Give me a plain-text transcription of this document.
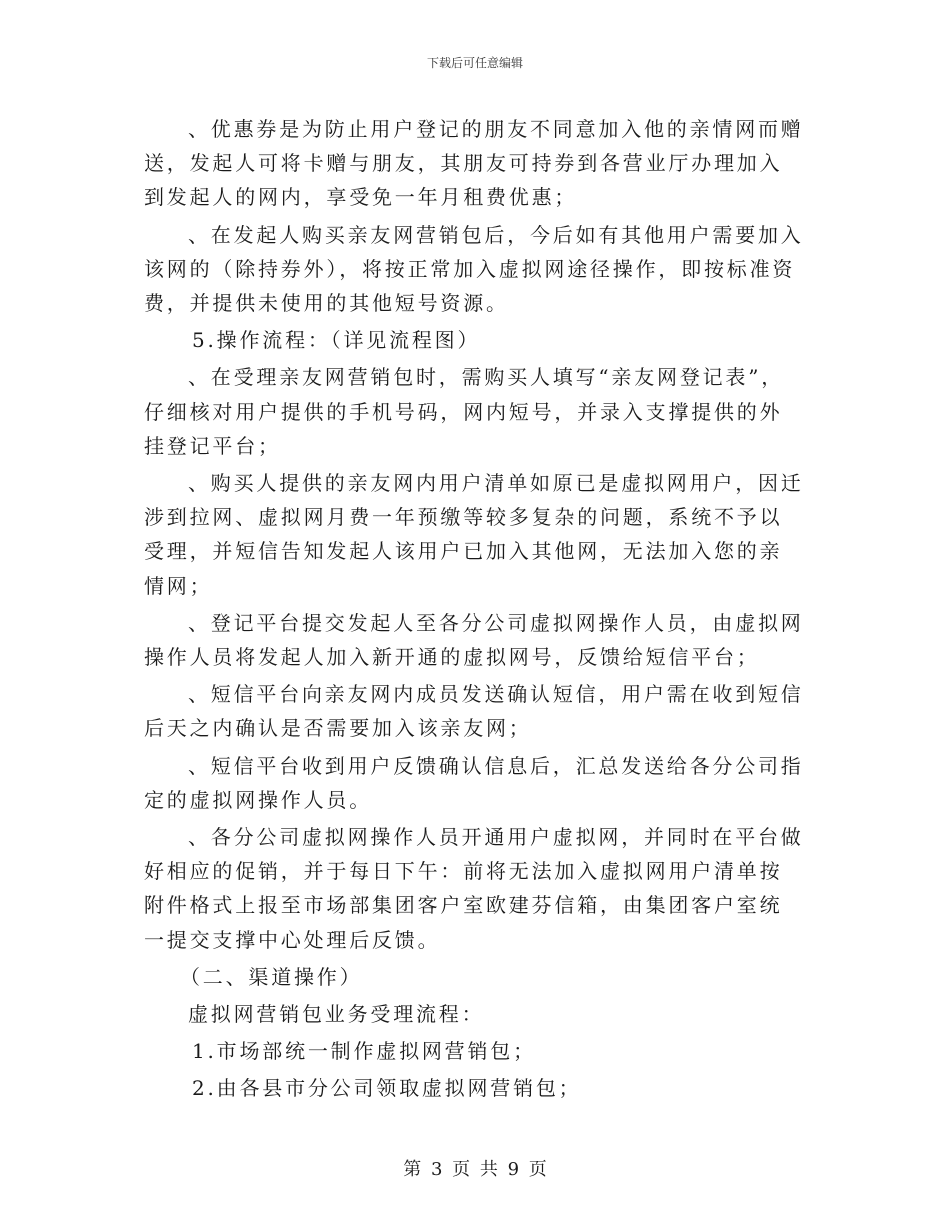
下载后可任意编辑

、优惠券是为防止用户登记的朋友不同意加入他的亲情网而赠送，发起人可将卡赠与朋友，其朋友可持券到各营业厅办理加入到发起人的网内，享受免一年月租费优惠；

、在发起人购买亲友网营销包后，今后如有其他用户需要加入该网的（除持券外），将按正常加入虚拟网途径操作，即按标准资费，并提供未使用的其他短号资源。

5.操作流程：（详见流程图）

、在受理亲友网营销包时，需购买人填写“亲友网登记表”，仔细核对用户提供的手机号码，网内短号，并录入支撑提供的外挂登记平台；

、购买人提供的亲友网内用户清单如原已是虚拟网用户，因迁涉到拉网、虚拟网月费一年预缴等较多复杂的问题，系统不予以受理，并短信告知发起人该用户已加入其他网，无法加入您的亲情网；

、登记平台提交发起人至各分公司虚拟网操作人员，由虚拟网操作人员将发起人加入新开通的虚拟网号，反馈给短信平台；

、短信平台向亲友网内成员发送确认短信，用户需在收到短信后天之内确认是否需要加入该亲友网；

、短信平台收到用户反馈确认信息后，汇总发送给各分公司指定的虚拟网操作人员。

、各分公司虚拟网操作人员开通用户虚拟网，并同时在平台做好相应的促销，并于每日下午：前将无法加入虚拟网用户清单按附件格式上报至市场部集团客户室欧建芬信箱，由集团客户室统一提交支撑中心处理后反馈。

（二、渠道操作）

虚拟网营销包业务受理流程：

1.市场部统一制作虚拟网营销包；

2.由各县市分公司领取虚拟网营销包；

第 3 页 共 9 页
